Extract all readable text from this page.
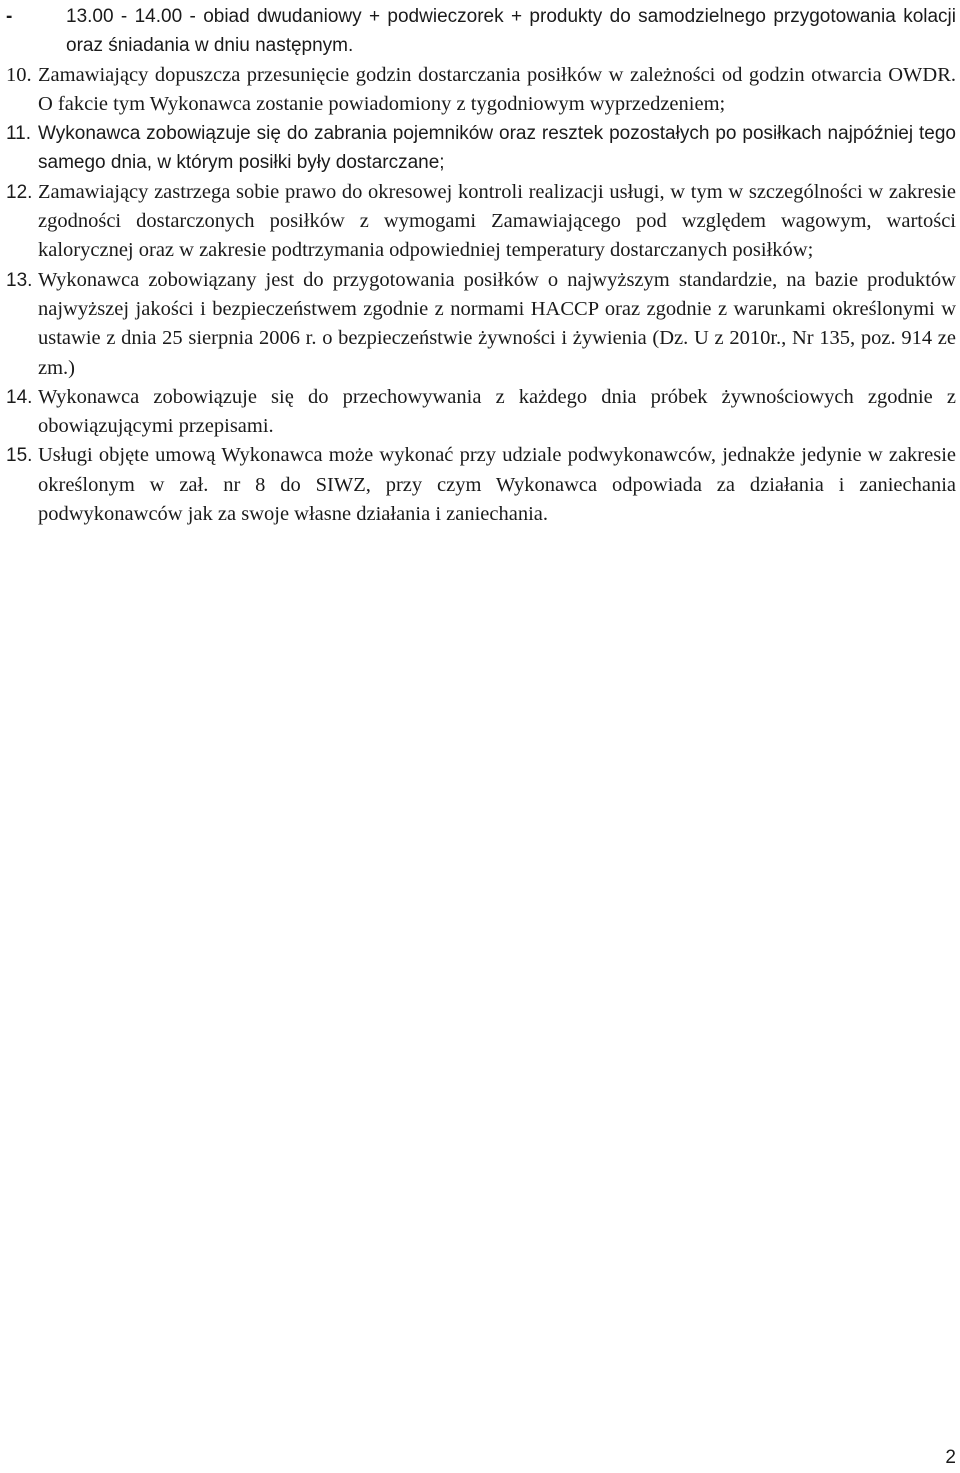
-	13.00 - 14.00 - obiad dwudaniowy + podwieczorek + produkty do samodzielnego przygotowania kolacji oraz śniadania w dniu następnym.
10. Zamawiający dopuszcza przesunięcie godzin dostarczania posiłków w zależności od godzin otwarcia OWDR. O fakcie tym Wykonawca zostanie powiadomiony z tygodniowym wyprzedzeniem;
11. Wykonawca zobowiązuje się do zabrania pojemników oraz resztek pozostałych po posiłkach najpóźniej tego samego dnia, w którym posiłki były dostarczane;
12. Zamawiający zastrzega sobie prawo do okresowej kontroli realizacji usługi, w tym w szczególności w zakresie zgodności dostarczonych posiłków z wymogami Zamawiającego pod względem wagowym, wartości kalorycznej oraz w zakresie podtrzymania odpowiedniej temperatury dostarczanych posiłków;
13. Wykonawca zobowiązany jest do przygotowania posiłków o najwyższym standardzie, na bazie produktów najwyższej jakości i bezpieczeństwem zgodnie z normami HACCP oraz zgodnie z warunkami określonymi w ustawie z dnia 25 sierpnia 2006 r. o bezpieczeństwie żywności i żywienia (Dz. U z 2010r., Nr 135, poz. 914 ze zm.)
14. Wykonawca zobowiązuje się do przechowywania z każdego dnia próbek żywnościowych zgodnie z obowiązującymi przepisami.
15. Usługi objęte umową Wykonawca może wykonać przy udziale podwykonawców, jednakże jedynie w zakresie określonym w zał. nr 8 do SIWZ, przy czym Wykonawca odpowiada za działania i zaniechania podwykonawców jak za swoje własne działania i zaniechania.
2
